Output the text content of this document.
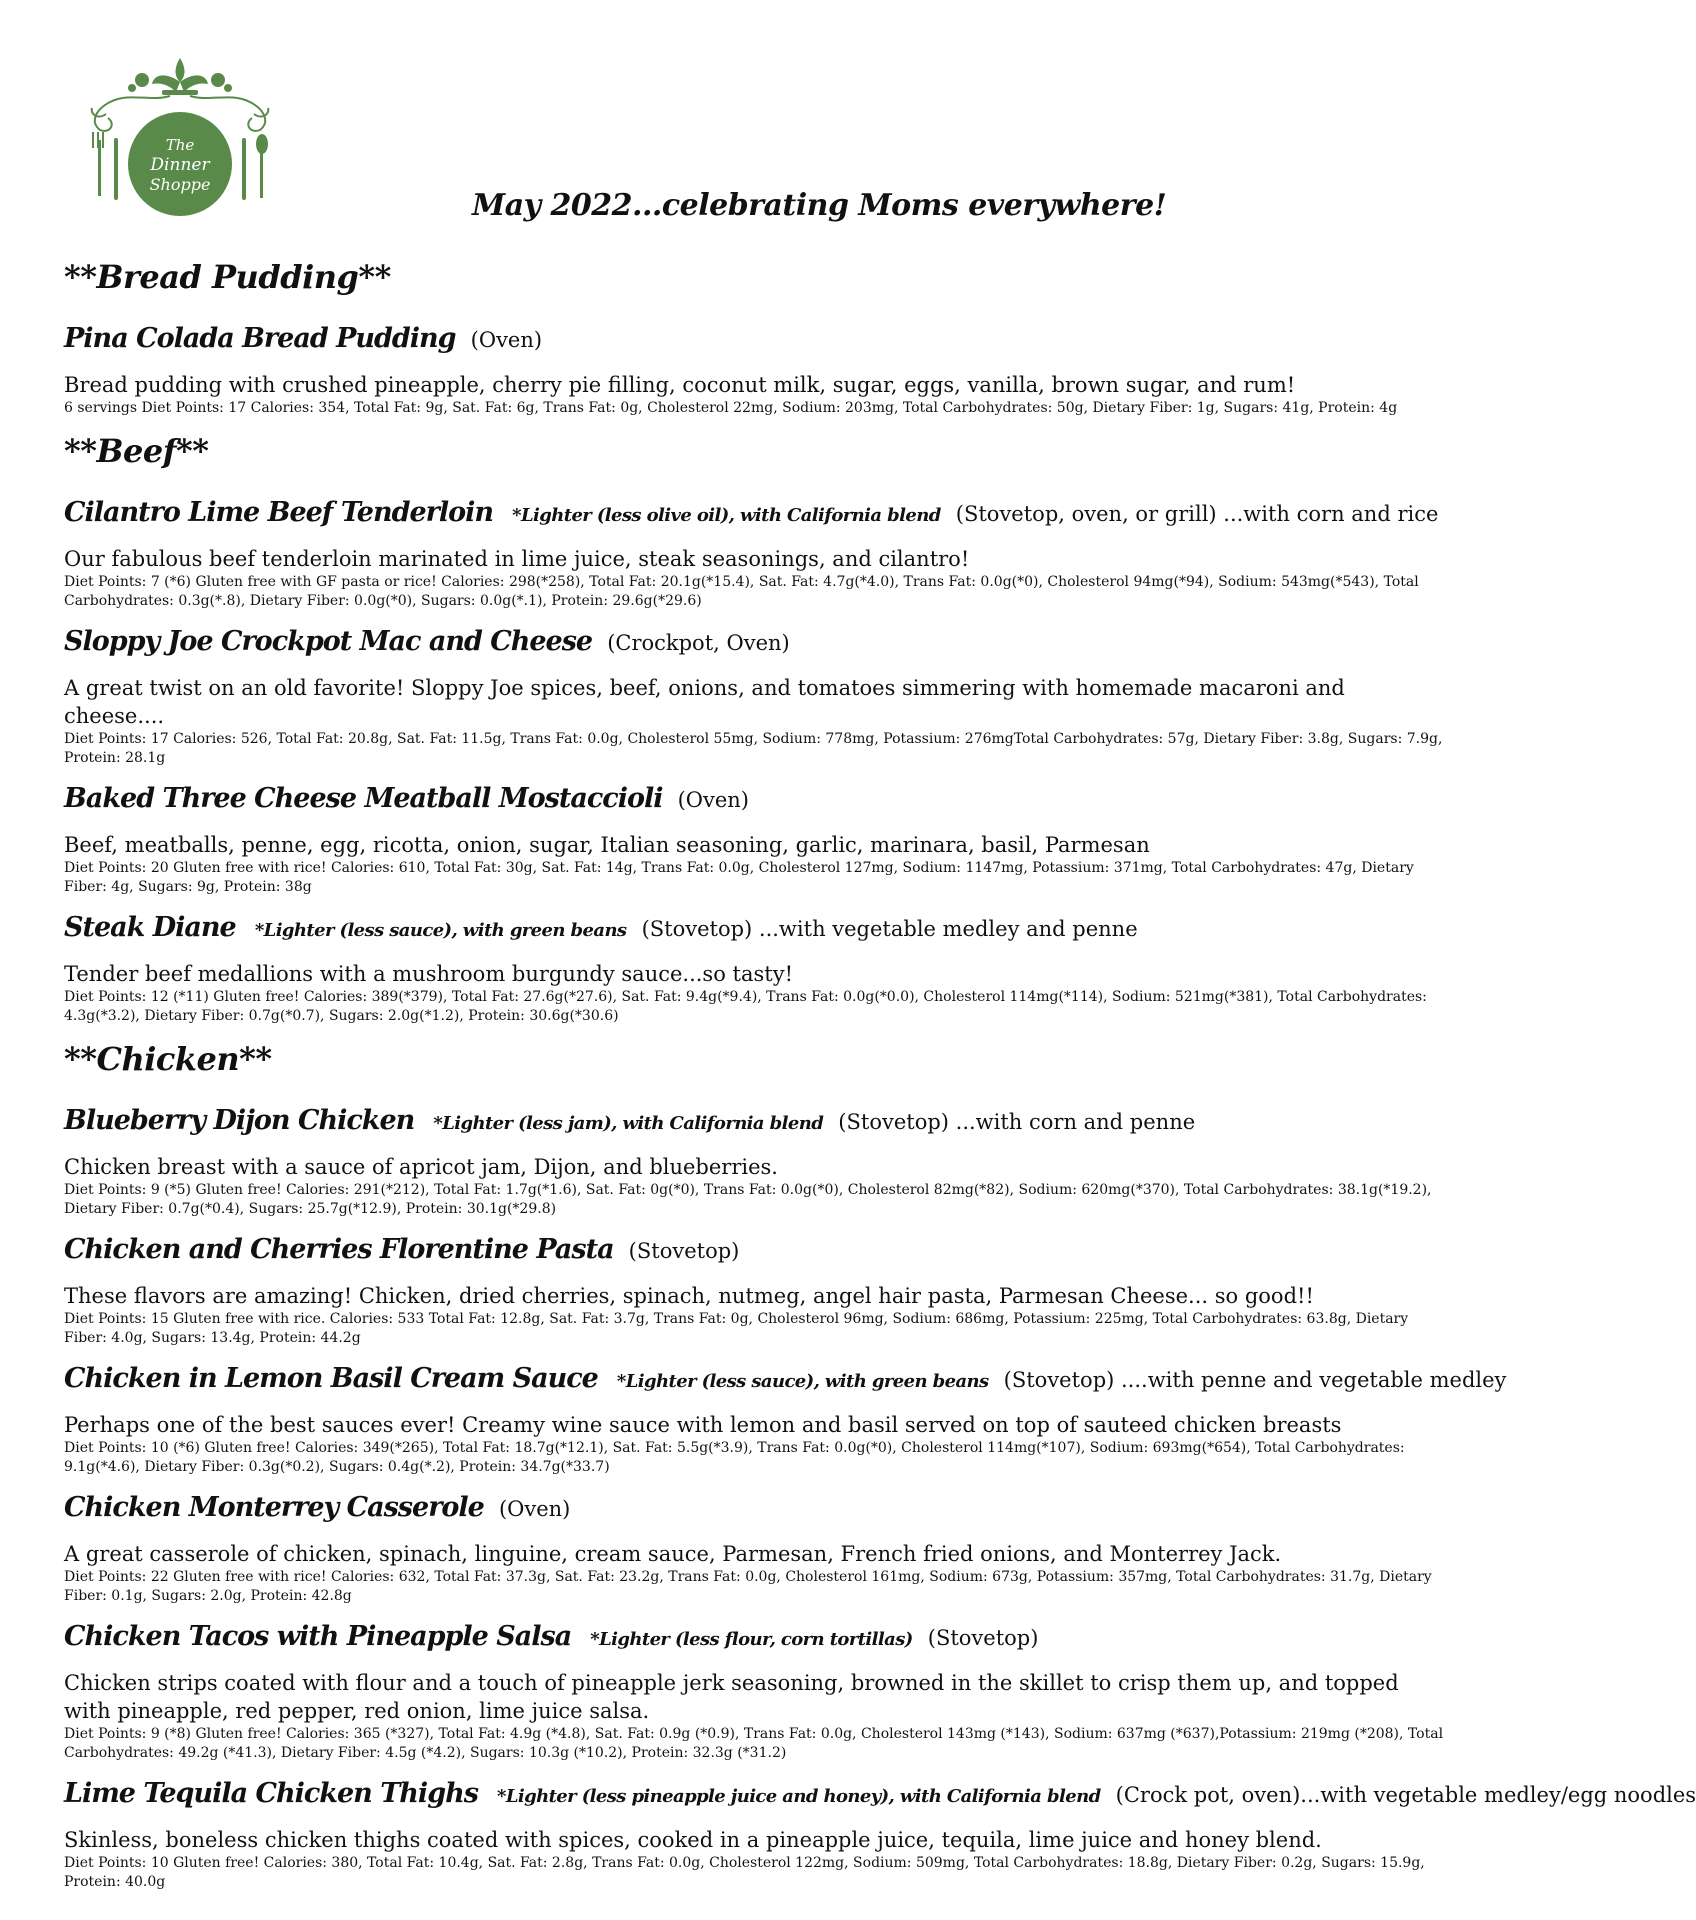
The
Dinner
Shoppe
May 2022...celebrating Moms everywhere!
**Bread Pudding**
Pina Colada Bread Pudding (Oven)
Bread pudding with crushed pineapple, cherry pie filling, coconut milk, sugar, eggs, vanilla, brown sugar, and rum!
6 servings Diet Points: 17 Calories: 354, Total Fat: 9g, Sat. Fat: 6g, Trans Fat: 0g, Cholesterol 22mg, Sodium: 203mg, Total Carbohydrates: 50g, Dietary Fiber: 1g, Sugars: 41g, Protein: 4g
**Beef**
Cilantro Lime Beef Tenderloin *Lighter (less olive oil), with California blend (Stovetop, oven, or grill) ...with corn and rice
Our fabulous beef tenderloin marinated in lime juice, steak seasonings, and cilantro!
Diet Points: 7 (*6) Gluten free with GF pasta or rice! Calories: 298(*258), Total Fat: 20.1g(*15.4), Sat. Fat: 4.7g(*4.0), Trans Fat: 0.0g(*0), Cholesterol 94mg(*94), Sodium: 543mg(*543), Total Carbohydrates: 0.3g(*.8), Dietary Fiber: 0.0g(*0), Sugars: 0.0g(*.1), Protein: 29.6g(*29.6)
Sloppy Joe Crockpot Mac and Cheese (Crockpot, Oven)
A great twist on an old favorite! Sloppy Joe spices, beef, onions, and tomatoes simmering with homemade macaroni and cheese....
Diet Points: 17 Calories: 526, Total Fat: 20.8g, Sat. Fat: 11.5g, Trans Fat: 0.0g, Cholesterol 55mg, Sodium: 778mg, Potassium: 276mgTotal Carbohydrates: 57g, Dietary Fiber: 3.8g, Sugars: 7.9g, Protein: 28.1g
Baked Three Cheese Meatball Mostaccioli (Oven)
Beef, meatballs, penne, egg, ricotta, onion, sugar, Italian seasoning, garlic, marinara, basil, Parmesan
Diet Points: 20 Gluten free with rice! Calories: 610, Total Fat: 30g, Sat. Fat: 14g, Trans Fat: 0.0g, Cholesterol 127mg, Sodium: 1147mg, Potassium: 371mg, Total Carbohydrates: 47g, Dietary Fiber: 4g, Sugars: 9g, Protein: 38g
Steak Diane *Lighter (less sauce), with green beans (Stovetop) ...with vegetable medley and penne
Tender beef medallions with a mushroom burgundy sauce...so tasty!
Diet Points: 12 (*11) Gluten free! Calories: 389(*379), Total Fat: 27.6g(*27.6), Sat. Fat: 9.4g(*9.4), Trans Fat: 0.0g(*0.0), Cholesterol 114mg(*114), Sodium: 521mg(*381), Total Carbohydrates: 4.3g(*3.2), Dietary Fiber: 0.7g(*0.7), Sugars: 2.0g(*1.2), Protein: 30.6g(*30.6)
**Chicken**
Blueberry Dijon Chicken *Lighter (less jam), with California blend (Stovetop) ...with corn and penne
Chicken breast with a sauce of apricot jam, Dijon, and blueberries.
Diet Points: 9 (*5) Gluten free! Calories: 291(*212), Total Fat: 1.7g(*1.6), Sat. Fat: 0g(*0), Trans Fat: 0.0g(*0), Cholesterol 82mg(*82), Sodium: 620mg(*370), Total Carbohydrates: 38.1g(*19.2), Dietary Fiber: 0.7g(*0.4), Sugars: 25.7g(*12.9), Protein: 30.1g(*29.8)
Chicken and Cherries Florentine Pasta (Stovetop)
These flavors are amazing! Chicken, dried cherries, spinach, nutmeg, angel hair pasta, Parmesan Cheese... so good!!
Diet Points: 15 Gluten free with rice. Calories: 533 Total Fat: 12.8g, Sat. Fat: 3.7g, Trans Fat: 0g, Cholesterol 96mg, Sodium: 686mg, Potassium: 225mg, Total Carbohydrates: 63.8g, Dietary Fiber: 4.0g, Sugars: 13.4g, Protein: 44.2g
Chicken in Lemon Basil Cream Sauce *Lighter (less sauce), with green beans (Stovetop) ....with penne and vegetable medley
Perhaps one of the best sauces ever! Creamy wine sauce with lemon and basil served on top of sauteed chicken breasts
Diet Points: 10 (*6) Gluten free! Calories: 349(*265), Total Fat: 18.7g(*12.1), Sat. Fat: 5.5g(*3.9), Trans Fat: 0.0g(*0), Cholesterol 114mg(*107), Sodium: 693mg(*654), Total Carbohydrates: 9.1g(*4.6), Dietary Fiber: 0.3g(*0.2), Sugars: 0.4g(*.2), Protein: 34.7g(*33.7)
Chicken Monterrey Casserole (Oven)
A great casserole of chicken, spinach, linguine, cream sauce, Parmesan, French fried onions, and Monterrey Jack.
Diet Points: 22 Gluten free with rice! Calories: 632, Total Fat: 37.3g, Sat. Fat: 23.2g, Trans Fat: 0.0g, Cholesterol 161mg, Sodium: 673g, Potassium: 357mg, Total Carbohydrates: 31.7g, Dietary Fiber: 0.1g, Sugars: 2.0g, Protein: 42.8g
Chicken Tacos with Pineapple Salsa *Lighter (less flour, corn tortillas) (Stovetop)
Chicken strips coated with flour and a touch of pineapple jerk seasoning, browned in the skillet to crisp them up, and topped with pineapple, red pepper, red onion, lime juice salsa.
Diet Points: 9 (*8) Gluten free! Calories: 365 (*327), Total Fat: 4.9g (*4.8), Sat. Fat: 0.9g (*0.9), Trans Fat: 0.0g, Cholesterol 143mg (*143), Sodium: 637mg (*637),Potassium: 219mg (*208), Total Carbohydrates: 49.2g (*41.3), Dietary Fiber: 4.5g (*4.2), Sugars: 10.3g (*10.2), Protein: 32.3g (*31.2)
Lime Tequila Chicken Thighs *Lighter (less pineapple juice and honey), with California blend (Crock pot, oven)...with vegetable medley/egg noodles
Skinless, boneless chicken thighs coated with spices, cooked in a pineapple juice, tequila, lime juice and honey blend.
Diet Points: 10 Gluten free! Calories: 380, Total Fat: 10.4g, Sat. Fat: 2.8g, Trans Fat: 0.0g, Cholesterol 122mg, Sodium: 509mg, Total Carbohydrates: 18.8g, Dietary Fiber: 0.2g, Sugars: 15.9g, Protein: 40.0g
